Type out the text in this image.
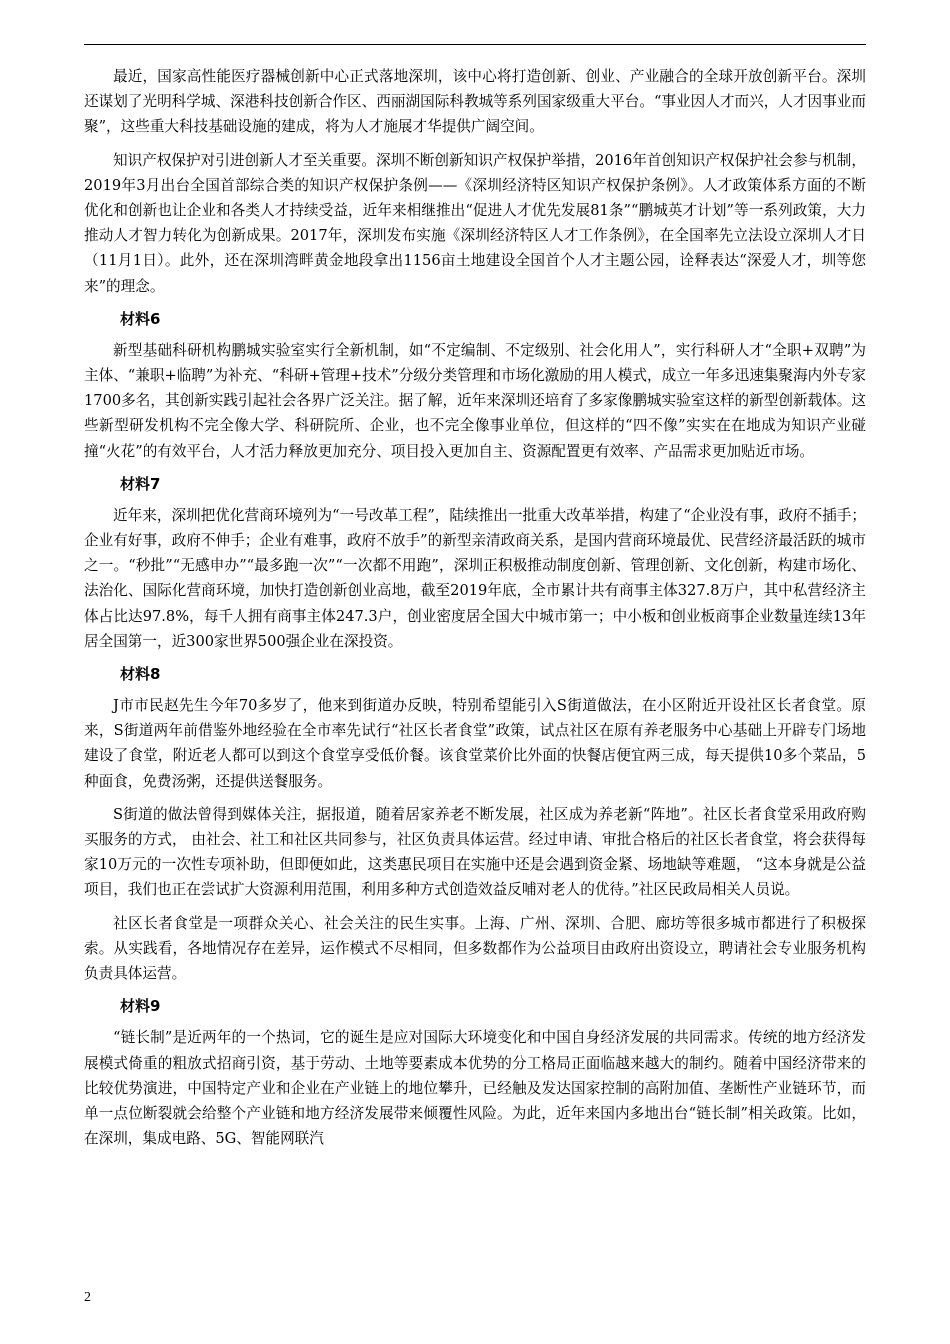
最近，国家高性能医疗器械创新中心正式落地深圳，该中心将打造创新、创业、产业融合的全球开放创新平台。深圳还谋划了光明科学城、深港科技创新合作区、西丽湖国际科教城等系列国家级重大平台。“事业因人才而兴，人才因事业而聚”，这些重大科技基础设施的建成，将为人才施展才华提供广阔空间。

知识产权保护对引进创新人才至关重要。深圳不断创新知识产权保护举措，2016年首创知识产权保护社会参与机制，2019年3月出台全国首部综合类的知识产权保护条例——《深圳经济特区知识产权保护条例》。人才政策体系方面的不断优化和创新也让企业和各类人才持续受益，近年来相继推出“促进人才优先发展81条”“鹏城英才计划”等一系列政策，大力推动人才智力转化为创新成果。2017年，深圳发布实施《深圳经济特区人才工作条例》，在全国率先立法设立深圳人才日（11月1日）。此外，还在深圳湾畔黄金地段拿出1156亩土地建设全国首个人才主题公园，诠释表达“深爱人才，圳等您来”的理念。

材料6

新型基础科研机构鹏城实验室实行全新机制，如“不定编制、不定级别、社会化用人”，实行科研人才“全职+双聘”为主体、“兼职+临聘”为补充、“科研+管理+技术”分级分类管理和市场化激励的用人模式，成立一年多迅速集聚海内外专家1700多名，其创新实践引起社会各界广泛关注。据了解，近年来深圳还培育了多家像鹏城实验室这样的新型创新载体。这些新型研发机构不完全像大学、科研院所、企业，也不完全像事业单位，但这样的“四不像”实实在在地成为知识产业碰撞“火花”的有效平台，人才活力释放更加充分、项目投入更加自主、资源配置更有效率、产品需求更加贴近市场。

材料7

近年来，深圳把优化营商环境列为“一号改革工程”，陆续推出一批重大改革举措，构建了“企业没有事，政府不插手；企业有好事，政府不伸手；企业有难事，政府不放手”的新型亲清政商关系，是国内营商环境最优、民营经济最活跃的城市之一。“秒批”“无感申办”“最多跑一次”“一次都不用跑”，深圳正积极推动制度创新、管理创新、文化创新，构建市场化、法治化、国际化营商环境，加快打造创新创业高地，截至2019年底，全市累计共有商事主体327.8万户，其中私营经济主体占比达97.8%，每千人拥有商事主体247.3户，创业密度居全国大中城市第一；中小板和创业板商事企业数量连续13年居全国第一，近300家世界500强企业在深投资。

材料8

J市市民赵先生今年70多岁了，他来到街道办反映，特别希望能引入S街道做法，在小区附近开设社区长者食堂。原来，S街道两年前借鉴外地经验在全市率先试行“社区长者食堂”政策，试点社区在原有养老服务中心基础上开辟专门场地建设了食堂，附近老人都可以到这个食堂享受低价餐。该食堂菜价比外面的快餐店便宜两三成，每天提供10多个菜品，5种面食，免费汤粥，还提供送餐服务。

S街道的做法曾得到媒体关注，据报道，随着居家养老不断发展，社区成为养老新“阵地”。社区长者食堂采用政府购买服务的方式， 由社会、社工和社区共同参与，社区负责具体运营。经过申请、审批合格后的社区长者食堂，将会获得每家10万元的一次性专项补助，但即便如此，这类惠民项目在实施中还是会遇到资金紧、场地缺等难题， “这本身就是公益项目，我们也正在尝试扩大资源利用范围，利用多种方式创造效益反哺对老人的优待。”社区民政局相关人员说。

社区长者食堂是一项群众关心、社会关注的民生实事。上海、广州、深圳、合肥、廊坊等很多城市都进行了积极探索。从实践看，各地情况存在差异，运作模式不尽相同，但多数都作为公益项目由政府出资设立，聘请社会专业服务机构负责具体运营。

材料9

“链长制”是近两年的一个热词，它的诞生是应对国际大环境变化和中国自身经济发展的共同需求。传统的地方经济发展模式倚重的粗放式招商引资，基于劳动、土地等要素成本优势的分工格局正面临越来越大的制约。随着中国经济带来的比较优势演进，中国特定产业和企业在产业链上的地位攀升，已经触及发达国家控制的高附加值、垄断性产业链环节，而单一点位断裂就会给整个产业链和地方经济发展带来倾覆性风险。为此，近年来国内多地出台“链长制”相关政策。比如，在深圳，集成电路、5G、智能网联汽

2
